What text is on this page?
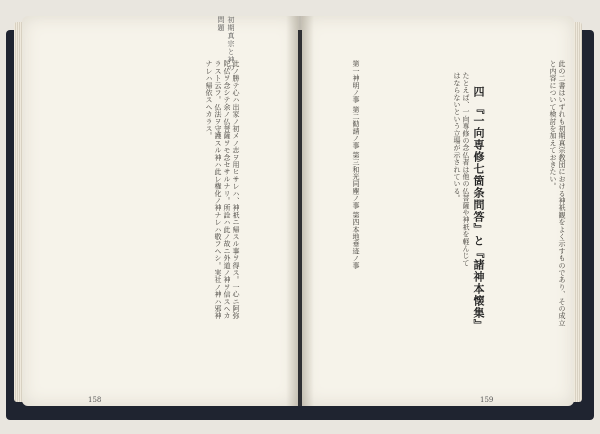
初期真宗と神の問題
此ノ勝テ心ハ出家ノ初メノ志ヲ用ヒサレハ、神祇ニ帰スル事ヲ得ス。一心ニ阿弥陀仏ヲ念シテ余ノ仏菩薩ヲモ念セサルナリ。所詮ハ此ノ故ニ外道ノ神ヲ信スヘカラスト云フ。仏法ヲ守護スル神ハ此レ権化ノ神ナレハ敬フヘシ。実社ノ神ハ邪神ナレハ帰依スヘカラス。	第一神明ノ事 第二勧請ノ事 第三和光同塵ノ事 第四本地垂迹ノ事	たとえば、一向専修の念仏者は他の仏菩薩や神祇を軽んじてはならないという立場が示されている。	四 『一向専修七箇条問答』と『諸神本懐集』	此の二書はいずれも初期真宗教団における神祇観をよく示すものであり、その成立と内容について検討を加えておきたい。
158	159
